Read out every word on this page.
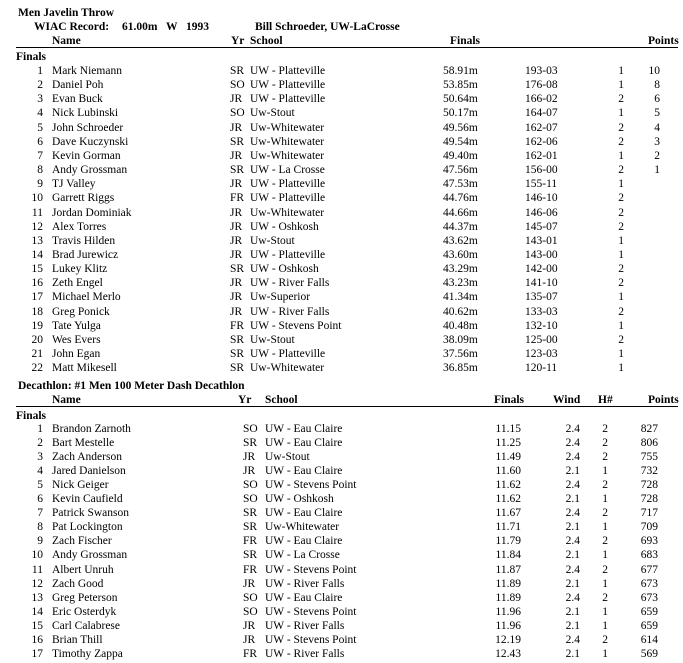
Men Javelin Throw
WIAC Record: 61.00m W 1993	Bill Schroeder, UW-LaCrosse
Name	Yr School	Finals	Points
Finals
1 Mark Niemann	SR UW - Platteville	58.91m	193-03	1	10
2 Daniel Poh	SO UW - Platteville	53.85m	176-08	1	8
3 Evan Buck	JR UW - Platteville	50.64m	166-02	2	6
4 Nick Lubinski	SO Uw-Stout	50.17m	164-07	1	5
5 John Schroeder	JR Uw-Whitewater	49.56m	162-07	2	4
6 Dave Kuczynski	SR Uw-Whitewater	49.54m	162-06	2	3
7 Kevin Gorman	JR Uw-Whitewater	49.40m	162-01	1	2
8 Andy Grossman	SR UW - La Crosse	47.56m	156-00	2	1
9 TJ Valley	JR UW - Platteville	47.53m	155-11	1
10 Garrett Riggs	FR UW - Platteville	44.76m	146-10	2
11 Jordan Dominiak	JR Uw-Whitewater	44.66m	146-06	2
12 Alex Torres	JR UW - Oshkosh	44.37m	145-07	2
13 Travis Hilden	JR Uw-Stout	43.62m	143-01	1
14 Brad Jurewicz	JR UW - Platteville	43.60m	143-00	1
15 Lukey Klitz	SR UW - Oshkosh	43.29m	142-00	2
16 Zeth Engel	JR UW - River Falls	43.23m	141-10	2
17 Michael Merlo	JR Uw-Superior	41.34m	135-07	1
18 Greg Ponick	JR UW - River Falls	40.62m	133-03	2
19 Tate Yulga	FR UW - Stevens Point	40.48m	132-10	1
20 Wes Evers	SR Uw-Stout	38.09m	125-00	2
21 John Egan	SR UW - Platteville	37.56m	123-03	1
22 Matt Mikesell	SR Uw-Whitewater	36.85m	120-11	1
Decathlon: #1 Men 100 Meter Dash Decathlon
Name	Yr School	Finals	Wind H#	Points
Finals
1 Brandon Zarnoth	SO UW - Eau Claire	11.15	2.4	2	827
2 Bart Mestelle	SR UW - Eau Claire	11.25	2.4	2	806
3 Zach Anderson	JR Uw-Stout	11.49	2.4	2	755
4 Jared Danielson	JR UW - Eau Claire	11.60	2.1	1	732
5 Nick Geiger	SO UW - Stevens Point	11.62	2.4	2	728
6 Kevin Caufield	SO UW - Oshkosh	11.62	2.1	1	728
7 Patrick Swanson	SR UW - Eau Claire	11.67	2.4	2	717
8 Pat Lockington	SR Uw-Whitewater	11.71	2.1	1	709
9 Zach Fischer	FR UW - Eau Claire	11.79	2.4	2	693
10 Andy Grossman	SR UW - La Crosse	11.84	2.1	1	683
11 Albert Unruh	FR UW - Stevens Point	11.87	2.4	2	677
12 Zach Good	JR UW - River Falls	11.89	2.1	1	673
13 Greg Peterson	SO UW - Eau Claire	11.89	2.4	2	673
14 Eric Osterdyk	SO UW - Stevens Point	11.96	2.1	1	659
15 Carl Calabrese	JR UW - River Falls	11.96	2.1	1	659
16 Brian Thill	JR UW - Stevens Point	12.19	2.4	2	614
17 Timothy Zappa	FR UW - River Falls	12.43	2.1	1	569
